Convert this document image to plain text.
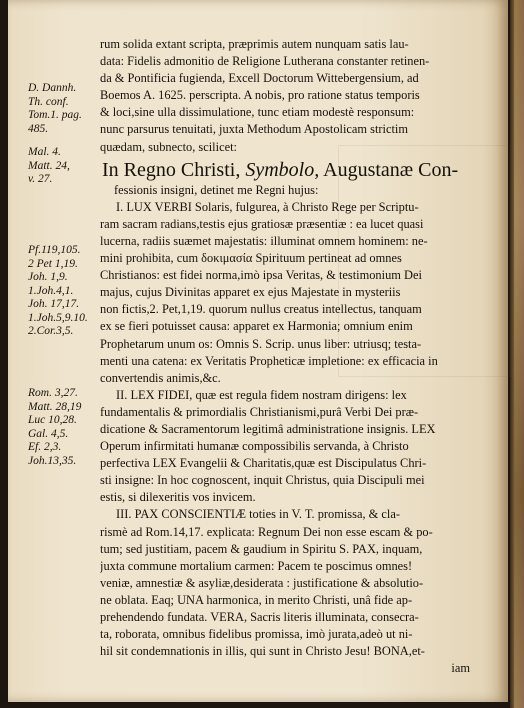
D. Dannh.
Th. conf.
Tom.1. pag.
485.
Mal. 4.
Matt. 24,
v. 27.
Pf.119,105.
2 Pet 1,19.
Joh. 1,9.
1.Joh.4,1.
Joh. 17,17.
1.Joh.5,9.10.
2.Cor.3,5.
Rom. 3,27.
Matt. 28,19
Luc 10,28.
Gal. 4,5.
Ef. 2,3.
Joh.13,35.
rum solida extant scripta, præprimis autem nunquam satis lau-
data: Fidelis admonitio de Religione Lutherana constanter retinen-
da & Pontificia fugienda, Excell Doctorum Wittebergensium, ad
Boemos A. 1625. perscripta. A nobis, pro ratione status temporis
& loci,sine ulla dissimulatione, tunc etiam modestè responsum:
nunc parsurus tenuitati, juxta Methodum Apostolicam strictim
quædam, subnecto, scilicet:
In Regno Christi, Symbolo, Augustanæ Con-
fessionis insigni, detinet me Regni hujus:
I. LUX VERBI Solaris, fulgurea, à Christo Rege per Scriptu-
ram sacram radians,testis ejus gratiosæ præsentiæ : ea lucet quasi
lucerna, radiis suæmet majestatis: illuminat omnem hominem: ne-
mini prohibita, cum δοκιμασία Spirituum pertineat ad omnes
Christianos: est fidei norma,imò ipsa Veritas, & testimonium Dei
majus, cujus Divinitas apparet ex ejus Majestate in mysteriis
non fictis,2. Pet,1,19. quorum nullus creatus intellectus, tanquam
ex se fieri potuisset causa: apparet ex Harmonia; omnium enim
Prophetarum unum os: Omnis S. Scrip. unus liber: utriusq; testa-
menti una catena: ex Veritatis Propheticæ impletione: ex efficacia in
convertendis animis,&c.
II. LEX FIDEI, quæ est regula fidem nostram dirigens: lex
fundamentalis & primordialis Christianismi,purâ Verbi Dei præ-
dicatione & Sacramentorum legitimâ administratione insignis. LEX
Operum infirmitati humanæ compossibilis servanda, à Christo
perfectiva LEX Evangelii & Charitatis,quæ est Discipulatus Chri-
sti insigne: In hoc cognoscent, inquit Christus, quia Discipuli mei
estis, si dilexeritis vos invicem.
III. PAX CONSCIENTIÆ toties in V. T. promissa, & cla-
rismè ad Rom.14,17. explicata: Regnum Dei non esse escam & po-
tum; sed justitiam, pacem & gaudium in Spiritu S. PAX, inquam,
juxta commune mortalium carmen: Pacem te poscimus omnes!
veniæ, amnestiæ & asyliæ,desiderata : justificatione & absolutio-
ne oblata. Eaq; UNA harmonica, in merito Christi, unâ fide ap-
prehendendo fundata. VERA, Sacris literis illuminata, consecra-
ta, roborata, omnibus fidelibus promissa, imò jurata,adeò ut ni-
hil sit condemnationis in illis, qui sunt in Christo Jesu! BONA,et-
iam
